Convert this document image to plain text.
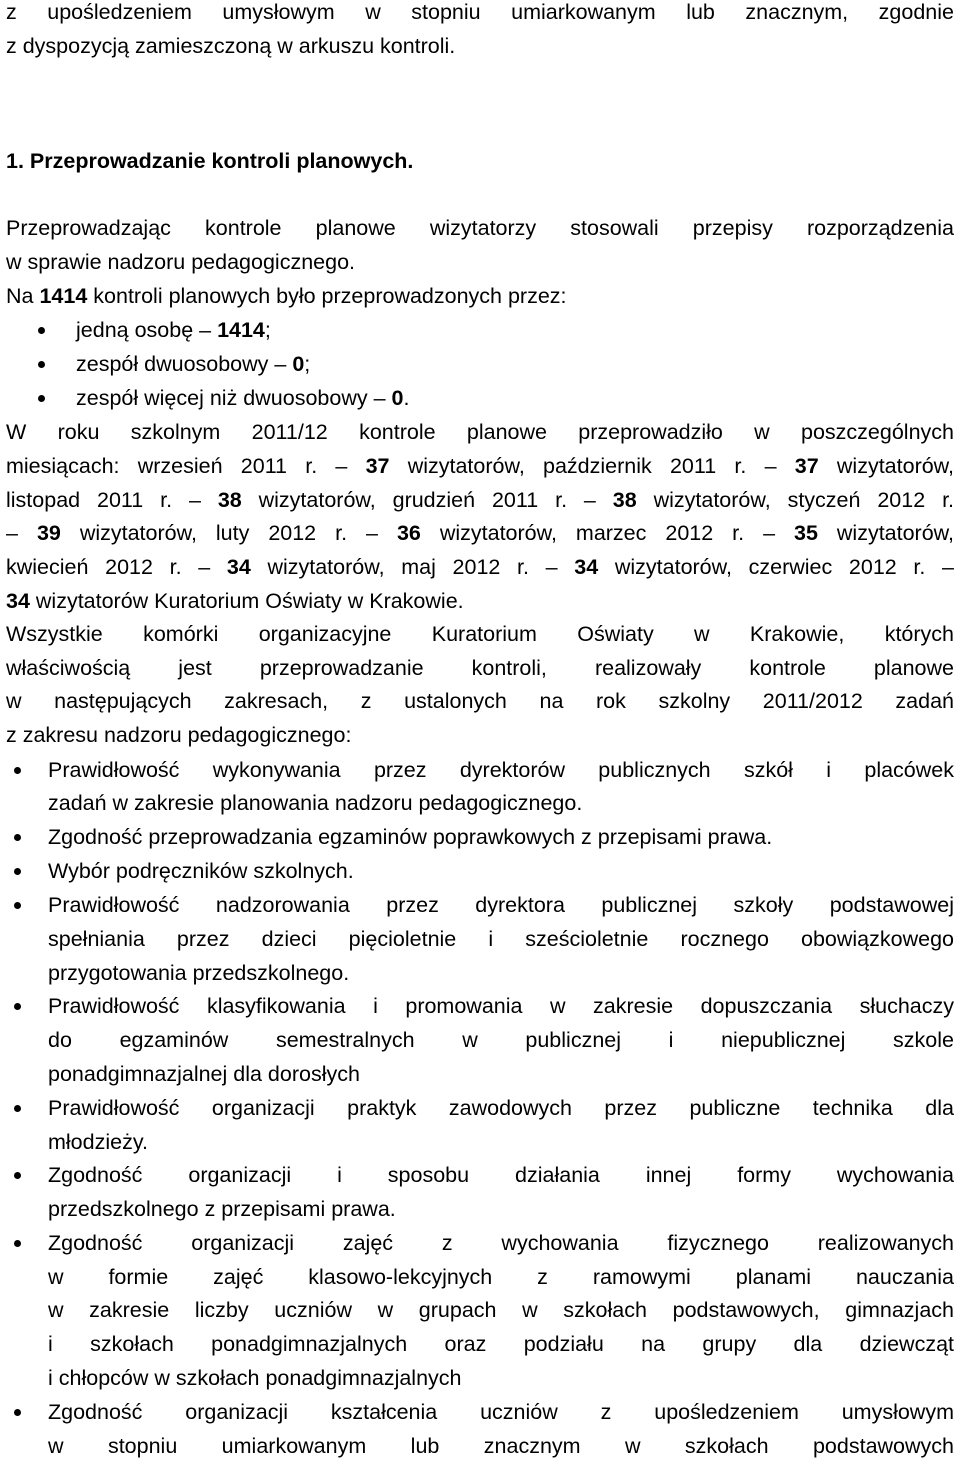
z upośledzeniem umysłowym w stopniu umiarkowanym lub znacznym, zgodnie
z dyspozycją zamieszczoną w arkuszu kontroli.
1. Przeprowadzanie kontroli planowych.
Przeprowadzając kontrole planowe wizytatorzy stosowali przepisy rozporządzenia
w sprawie nadzoru pedagogicznego.
Na 1414 kontroli planowych było przeprowadzonych przez:
jedną osobę – 1414;
zespół dwuosobowy – 0;
zespół więcej niż dwuosobowy – 0.
W roku szkolnym 2011/12 kontrole planowe przeprowadziło w poszczególnych
miesiącach: wrzesień 2011 r. – 37 wizytatorów, październik 2011 r. – 37 wizytatorów,
listopad 2011 r. – 38 wizytatorów, grudzień 2011 r. – 38 wizytatorów, styczeń 2012 r.
– 39 wizytatorów, luty 2012 r. – 36 wizytatorów, marzec 2012 r. – 35 wizytatorów,
kwiecień 2012 r. – 34 wizytatorów, maj 2012 r. – 34 wizytatorów, czerwiec 2012 r. –
34 wizytatorów Kuratorium Oświaty w Krakowie.
Wszystkie komórki organizacyjne Kuratorium Oświaty w Krakowie, których
właściwością jest przeprowadzanie kontroli, realizowały kontrole planowe
w następujących zakresach, z ustalonych na rok szkolny 2011/2012 zadań
z zakresu nadzoru pedagogicznego:
Prawidłowość wykonywania przez dyrektorów publicznych szkół i placówek
zadań w zakresie planowania nadzoru pedagogicznego.
Zgodność przeprowadzania egzaminów poprawkowych z przepisami prawa.
Wybór podręczników szkolnych.
Prawidłowość nadzorowania przez dyrektora publicznej szkoły podstawowej
spełniania przez dzieci pięcioletnie i sześcioletnie rocznego obowiązkowego
przygotowania przedszkolnego.
Prawidłowość klasyfikowania i promowania w zakresie dopuszczania słuchaczy
do egzaminów semestralnych w publicznej i niepublicznej szkole
ponadgimnazjalnej dla dorosłych
Prawidłowość organizacji praktyk zawodowych przez publiczne technika dla
młodzieży.
Zgodność organizacji i sposobu działania innej formy wychowania
przedszkolnego z przepisami prawa.
Zgodność organizacji zajęć z wychowania fizycznego realizowanych
w formie zajęć klasowo-lekcyjnych z ramowymi planami nauczania
w zakresie liczby uczniów w grupach w szkołach podstawowych, gimnazjach
i szkołach ponadgimnazjalnych oraz podziału na grupy dla dziewcząt
i chłopców w szkołach ponadgimnazjalnych
Zgodność organizacji kształcenia uczniów z upośledzeniem umysłowym
w stopniu umiarkowanym lub znacznym w szkołach podstawowych
